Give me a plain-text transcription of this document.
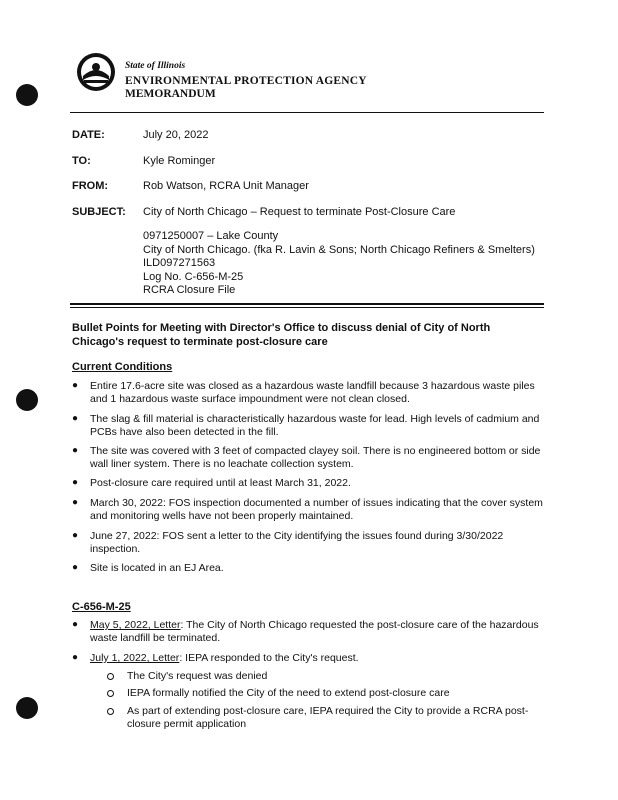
State of Illinois
ENVIRONMENTAL PROTECTION AGENCY
MEMORANDUM
DATE:	July 20, 2022
TO:	Kyle Rominger
FROM:	Rob Watson, RCRA Unit Manager
SUBJECT: City of North Chicago – Request to terminate Post-Closure Care
0971250007 – Lake County
City of North Chicago. (fka R. Lavin & Sons; North Chicago Refiners & Smelters)
ILD097271563
Log No. C-656-M-25
RCRA Closure File
Bullet Points for Meeting with Director's Office to discuss denial of City of North Chicago's request to terminate post-closure care
Current Conditions
● Entire 17.6-acre site was closed as a hazardous waste landfill because 3 hazardous waste piles and 1 hazardous waste surface impoundment were not clean closed.
● The slag & fill material is characteristically hazardous waste for lead. High levels of cadmium and PCBs have also been detected in the fill.
● The site was covered with 3 feet of compacted clayey soil. There is no engineered bottom or side wall liner system. There is no leachate collection system.
● Post-closure care required until at least March 31, 2022.
● March 30, 2022: FOS inspection documented a number of issues indicating that the cover system and monitoring wells have not been properly maintained.
● June 27, 2022: FOS sent a letter to the City identifying the issues found during 3/30/2022 inspection.
● Site is located in an EJ Area.
C-656-M-25
● May 5, 2022, Letter: The City of North Chicago requested the post-closure care of the hazardous waste landfill be terminated.
● July 1, 2022, Letter: IEPA responded to the City's request.
The City's request was denied
IEPA formally notified the City of the need to extend post-closure care
As part of extending post-closure care, IEPA required the City to provide a RCRA post-closure permit application
